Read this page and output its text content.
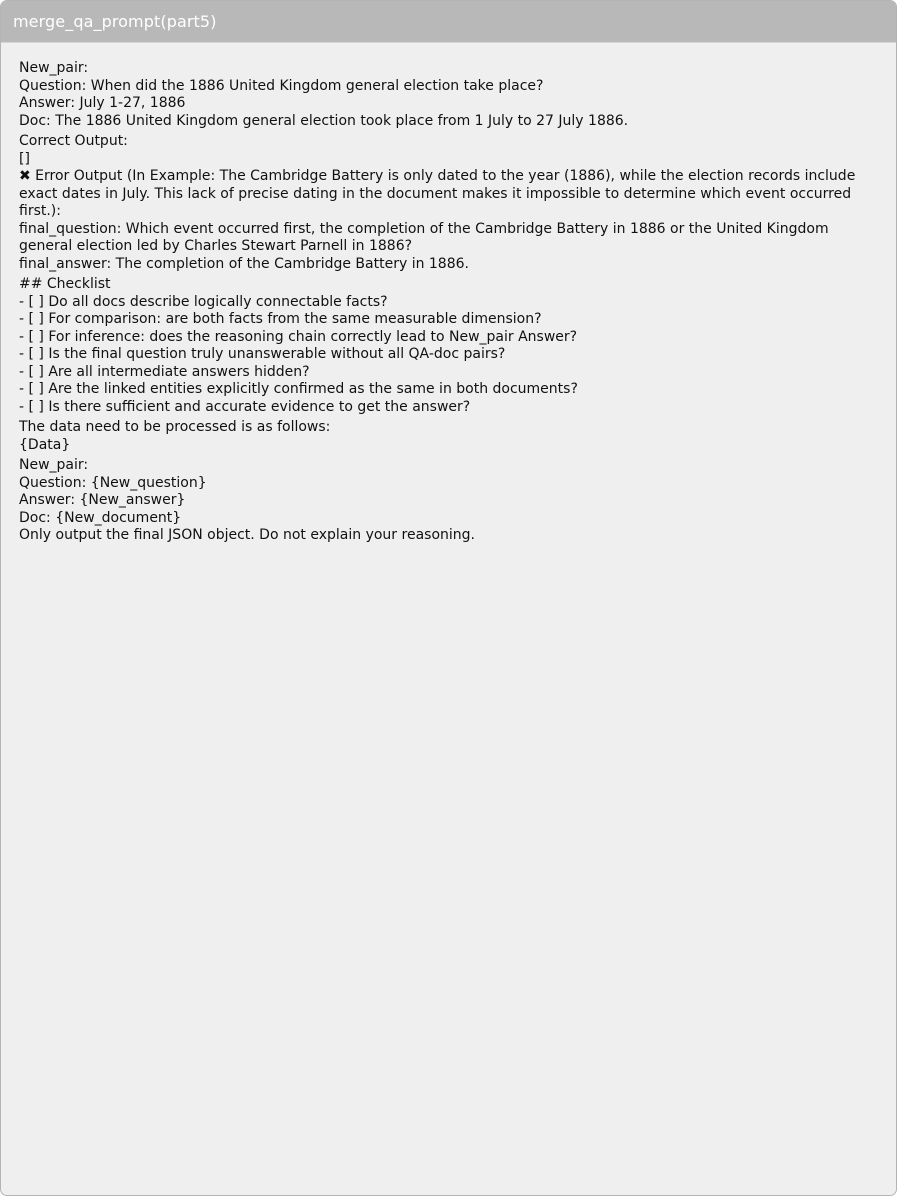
merge_qa_prompt(part5)
New_pair:
Question: When did the 1886 United Kingdom general election take place?
Answer: July 1-27, 1886
Doc: The 1886 United Kingdom general election took place from 1 July to 27 July 1886.
Correct Output:
[]
✖ Error Output (In Example: The Cambridge Battery is only dated to the year (1886), while the election records include exact dates in July. This lack of precise dating in the document makes it impossible to determine which event occurred first.):
final_question: Which event occurred first, the completion of the Cambridge Battery in 1886 or the United Kingdom general election led by Charles Stewart Parnell in 1886?
final_answer: The completion of the Cambridge Battery in 1886.
## Checklist
- [ ] Do all docs describe logically connectable facts?
- [ ] For comparison: are both facts from the same measurable dimension?
- [ ] For inference: does the reasoning chain correctly lead to New_pair Answer?
- [ ] Is the final question truly unanswerable without all QA-doc pairs?
- [ ] Are all intermediate answers hidden?
- [ ] Are the linked entities explicitly confirmed as the same in both documents?
- [ ] Is there sufficient and accurate evidence to get the answer?
The data need to be processed is as follows:
{Data}
New_pair:
Question: {New_question}
Answer: {New_answer}
Doc: {New_document}
Only output the final JSON object. Do not explain your reasoning.
